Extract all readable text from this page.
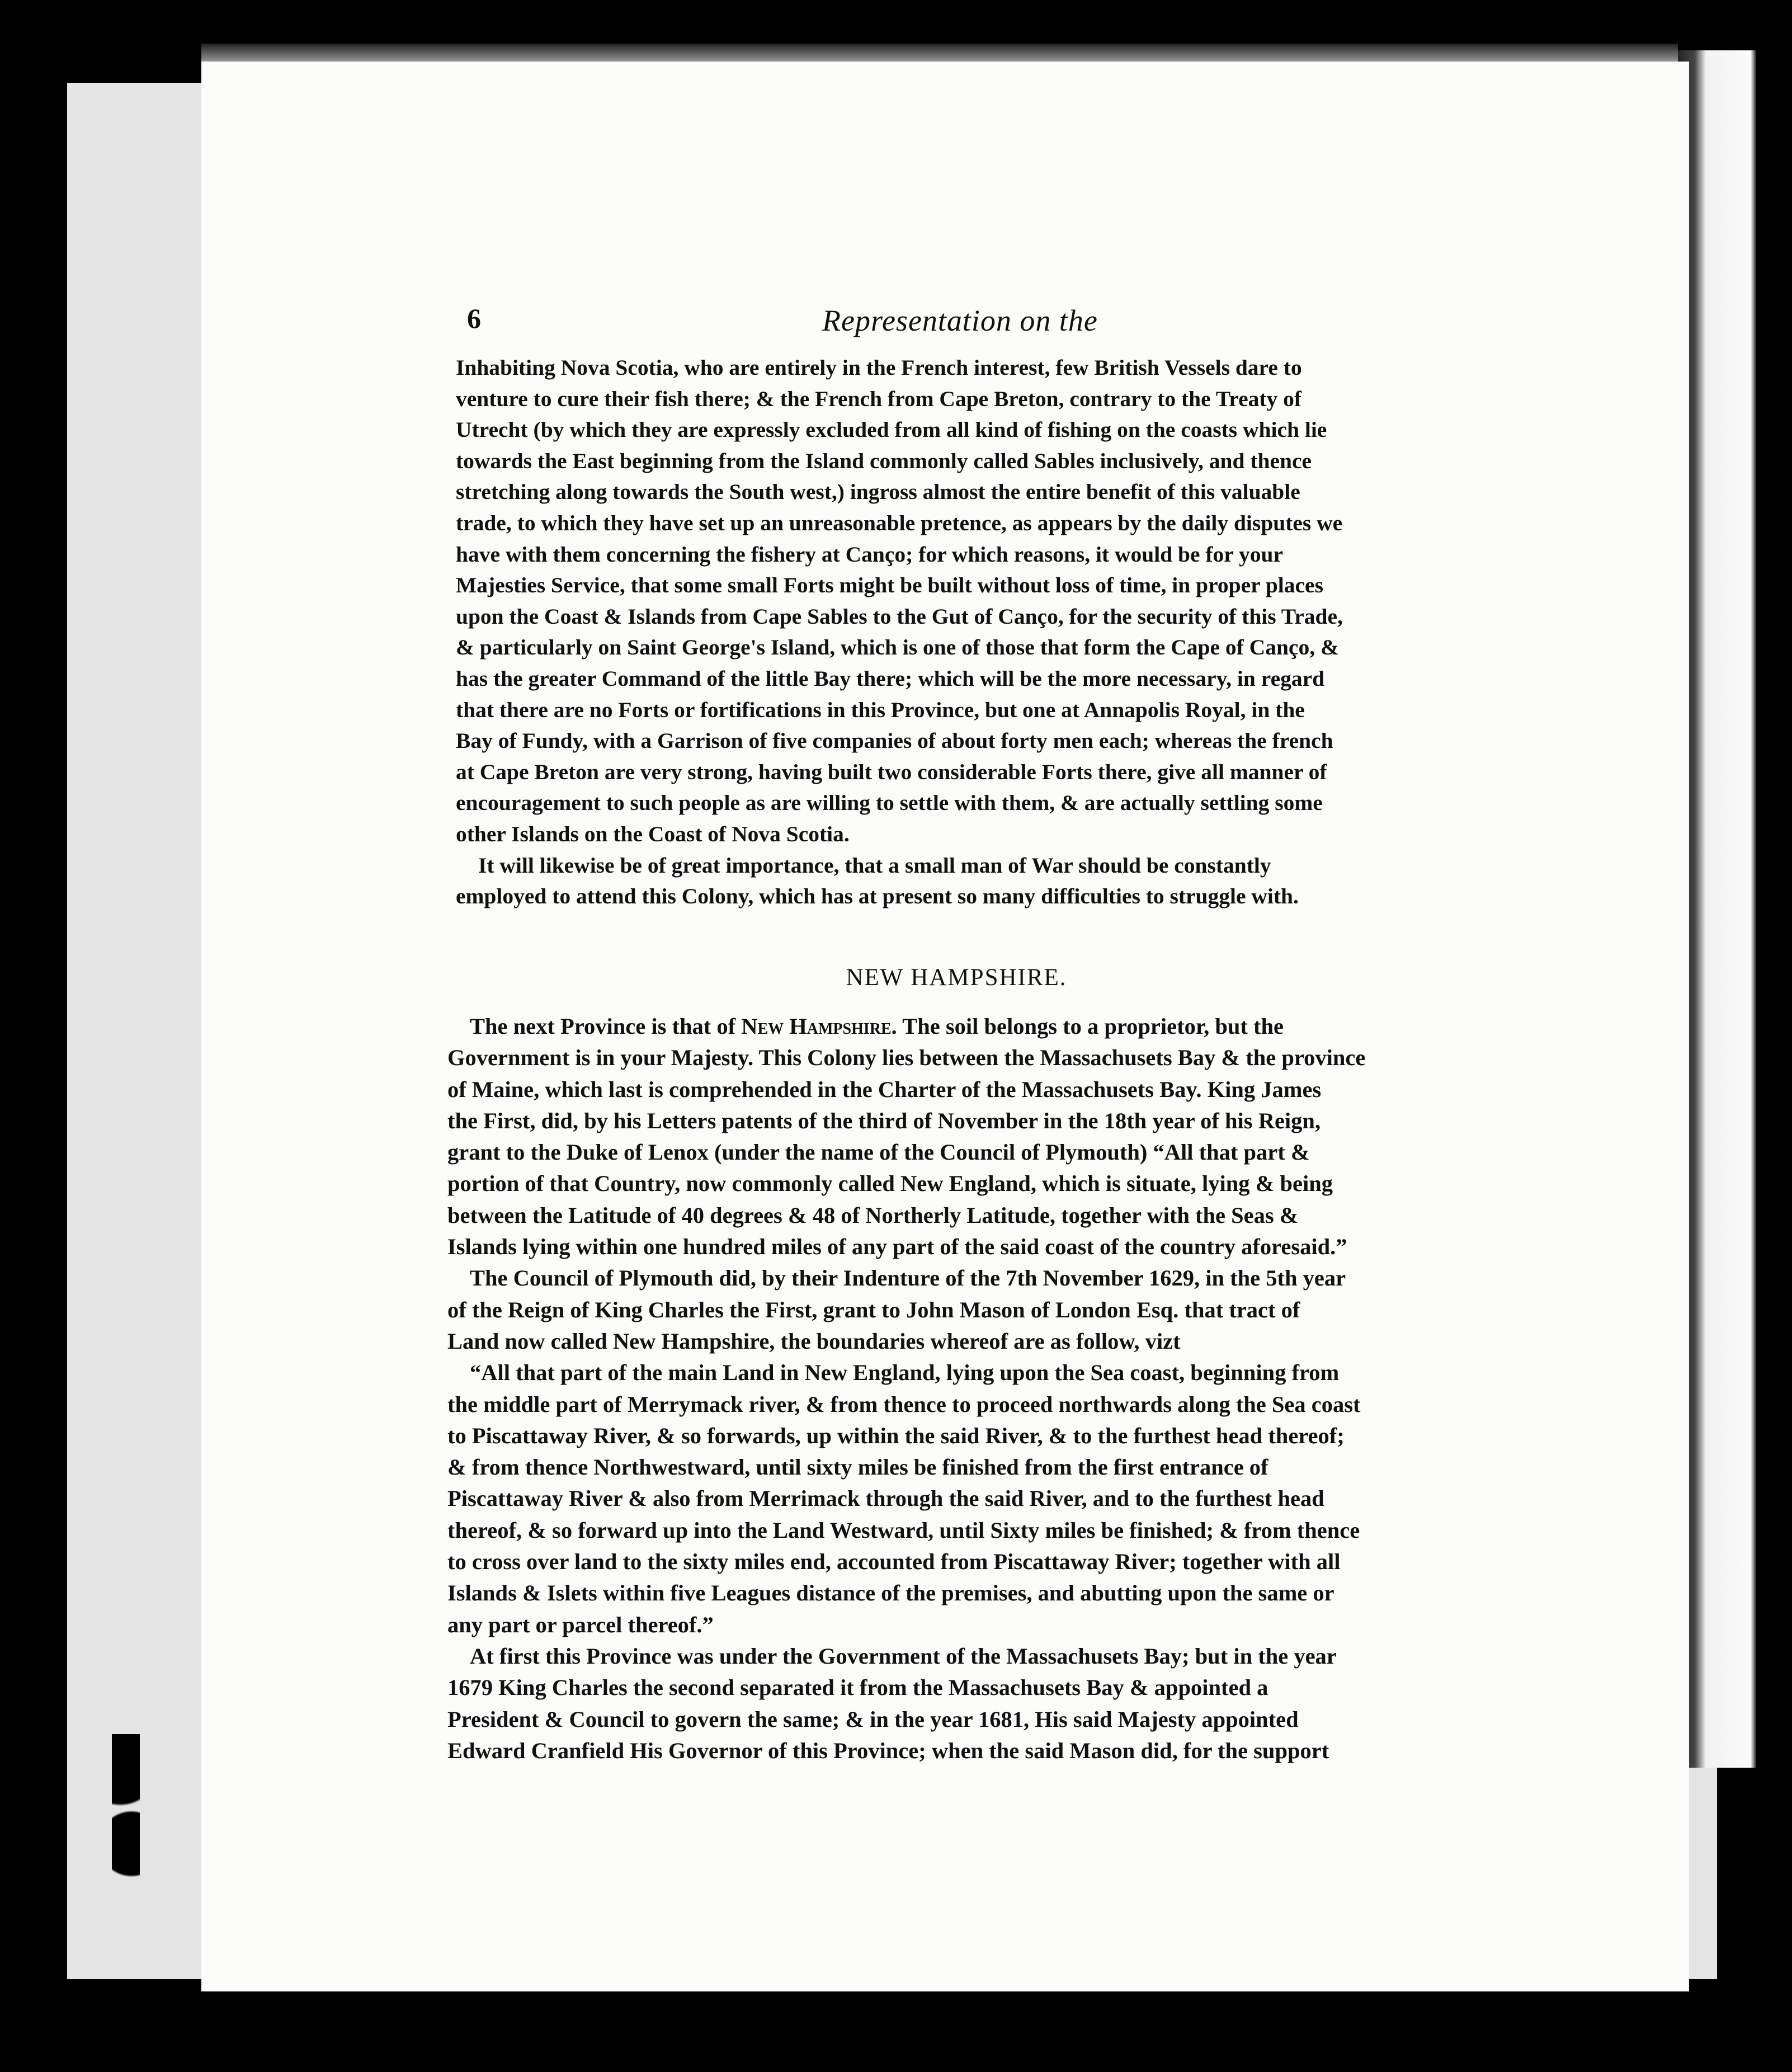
6	Representation on the
Inhabiting Nova Scotia, who are entirely in the French interest, few British Vessels dare to
venture to cure their fish there; & the French from Cape Breton, contrary to the Treaty of
Utrecht (by which they are expressly excluded from all kind of fishing on the coasts which lie
towards the East beginning from the Island commonly called Sables inclusively, and thence
stretching along towards the South west,) ingross almost the entire benefit of this valuable
trade, to which they have set up an unreasonable pretence, as appears by the daily disputes we
have with them concerning the fishery at Canço; for which reasons, it would be for your
Majesties Service, that some small Forts might be built without loss of time, in proper places
upon the Coast & Islands from Cape Sables to the Gut of Canço, for the security of this Trade,
& particularly on Saint George's Island, which is one of those that form the Cape of Canço, &
has the greater Command of the little Bay there; which will be the more necessary, in regard
that there are no Forts or fortifications in this Province, but one at Annapolis Royal, in the
Bay of Fundy, with a Garrison of five companies of about forty men each; whereas the french
at Cape Breton are very strong, having built two considerable Forts there, give all manner of
encouragement to such people as are willing to settle with them, & are actually settling some
other Islands on the Coast of Nova Scotia.
It will likewise be of great importance, that a small man of War should be constantly
employed to attend this Colony, which has at present so many difficulties to struggle with.
NEW HAMPSHIRE.
The next Province is that of New Hampshire. The soil belongs to a proprietor, but the
Government is in your Majesty. This Colony lies between the Massachusets Bay & the province
of Maine, which last is comprehended in the Charter of the Massachusets Bay. King James
the First, did, by his Letters patents of the third of November in the 18th year of his Reign,
grant to the Duke of Lenox (under the name of the Council of Plymouth) “All that part &
portion of that Country, now commonly called New England, which is situate, lying & being
between the Latitude of 40 degrees & 48 of Northerly Latitude, together with the Seas &
Islands lying within one hundred miles of any part of the said coast of the country aforesaid.”
The Council of Plymouth did, by their Indenture of the 7th November 1629, in the 5th year
of the Reign of King Charles the First, grant to John Mason of London Esq. that tract of
Land now called New Hampshire, the boundaries whereof are as follow, vizt
“All that part of the main Land in New England, lying upon the Sea coast, beginning from
the middle part of Merrymack river, & from thence to proceed northwards along the Sea coast
to Piscattaway River, & so forwards, up within the said River, & to the furthest head thereof;
& from thence Northwestward, until sixty miles be finished from the first entrance of
Piscattaway River & also from Merrimack through the said River, and to the furthest head
thereof, & so forward up into the Land Westward, until Sixty miles be finished; & from thence
to cross over land to the sixty miles end, accounted from Piscattaway River; together with all
Islands & Islets within five Leagues distance of the premises, and abutting upon the same or
any part or parcel thereof.”
At first this Province was under the Government of the Massachusets Bay; but in the year
1679 King Charles the second separated it from the Massachusets Bay & appointed a
President & Council to govern the same; & in the year 1681, His said Majesty appointed
Edward Cranfield His Governor of this Province; when the said Mason did, for the support
